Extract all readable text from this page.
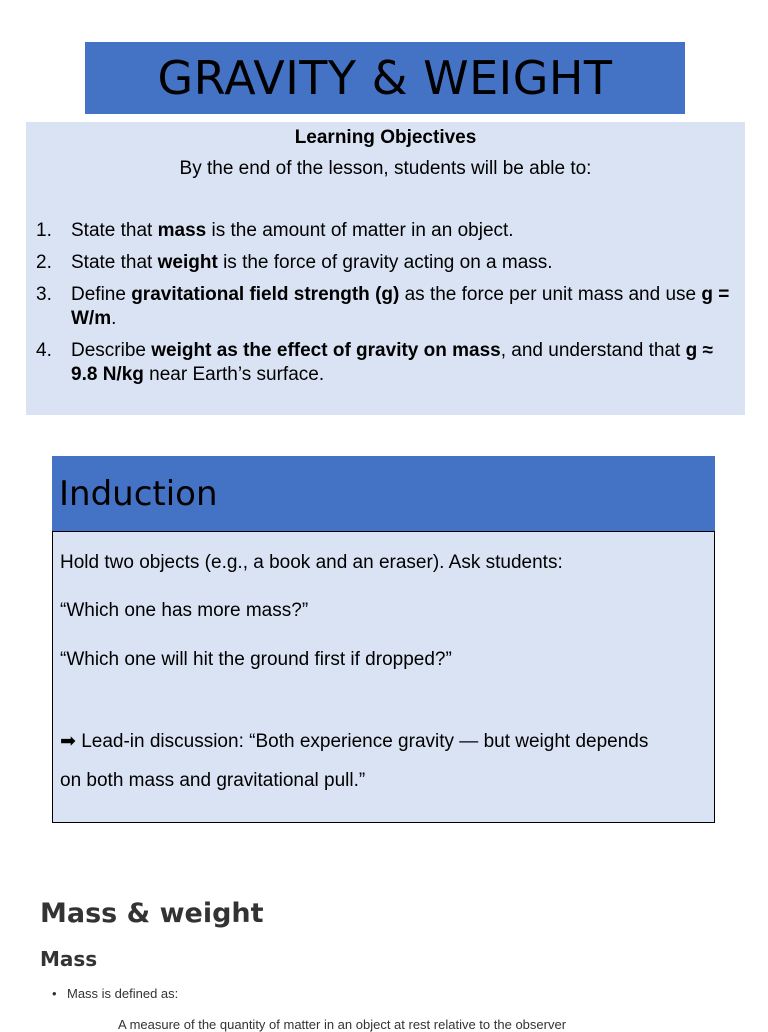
GRAVITY & WEIGHT
Learning Objectives
By the end of the lesson, students will be able to:
1.	State that mass is the amount of matter in an object.
2.	State that weight is the force of gravity acting on a mass.
3.	Define gravitational field strength (g) as the force per unit mass and use g = W/m.
4.	Describe weight as the effect of gravity on mass, and understand that g ≈ 9.8 N/kg near Earth’s surface.
Induction

Hold two objects (e.g., a book and an eraser). Ask students:

“Which one has more mass?”

“Which one will hit the ground first if dropped?”

➡ Lead-in discussion: “Both experience gravity — but weight depends

on both mass and gravitational pull.”

Mass & weight
Mass
• Mass is defined as:
A measure of the quantity of matter in an object at rest relative to the observer
